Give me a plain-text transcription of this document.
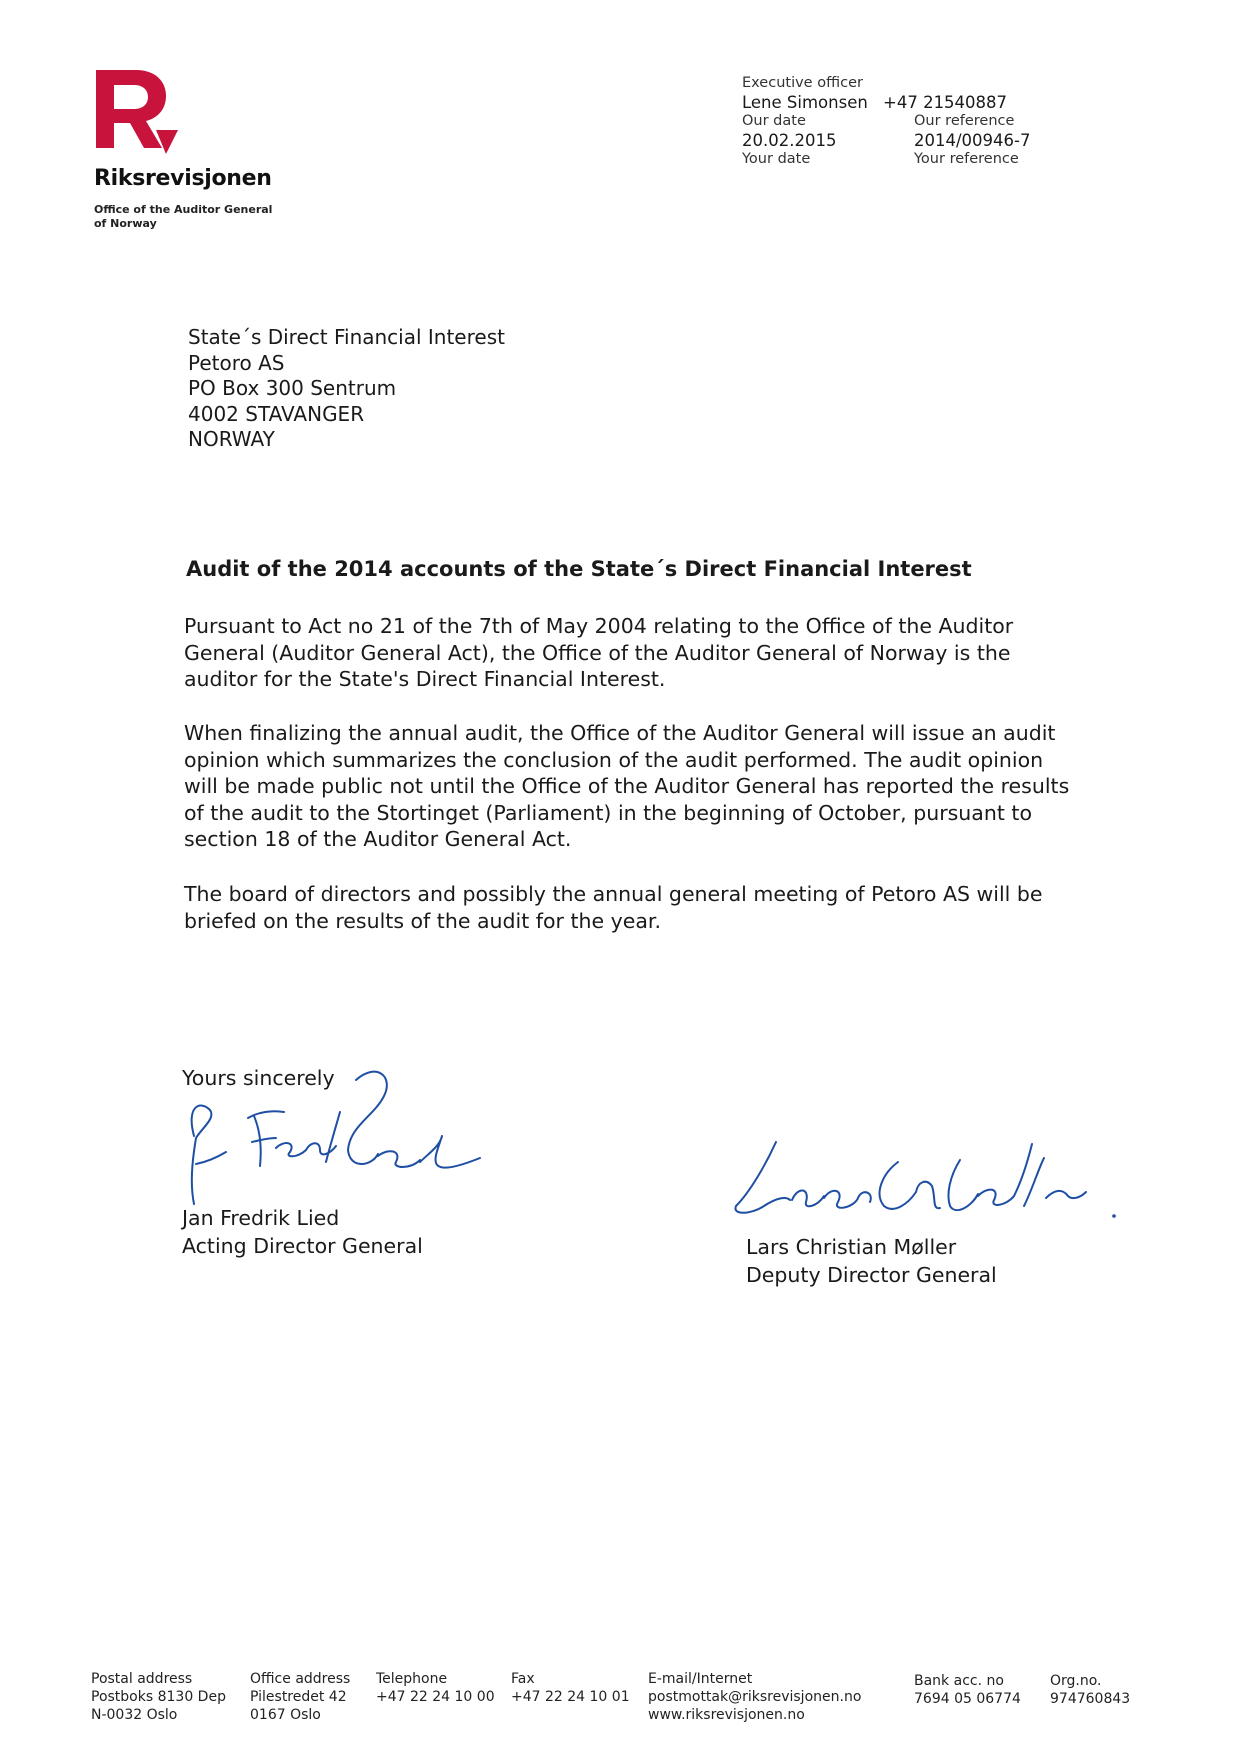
Riksrevisjonen
Office of the Auditor General
of Norway
Executive officer
Lene Simonsen +47 21540887
Our date	Our reference
20.02.2015	2014/00946-7
Your date	Your reference
State´s Direct Financial Interest
Petoro AS
PO Box 300 Sentrum
4002 STAVANGER
NORWAY
Audit of the 2014 accounts of the State´s Direct Financial Interest
Pursuant to Act no 21 of the 7th of May 2004 relating to the Office of the Auditor
General (Auditor General Act), the Office of the Auditor General of Norway is the
auditor for the State's Direct Financial Interest.
When finalizing the annual audit, the Office of the Auditor General will issue an audit
opinion which summarizes the conclusion of the audit performed. The audit opinion
will be made public not until the Office of the Auditor General has reported the results
of the audit to the Stortinget (Parliament) in the beginning of October, pursuant to
section 18 of the Auditor General Act.
The board of directors and possibly the annual general meeting of Petoro AS will be
briefed on the results of the audit for the year.
Yours sincerely
Jan Fredrik Lied
Acting Director General	Lars Christian Møller
Deputy Director General
Postal address
Postboks 8130 Dep
N-0032 Oslo
Office address
Pilestredet 42
0167 Oslo
Telephone
+47 22 24 10 00
Fax
+47 22 24 10 01
E-mail/Internet
postmottak@riksrevisjonen.no
www.riksrevisjonen.no
Bank acc. no
7694 05 06774
Org.no.
974760843
